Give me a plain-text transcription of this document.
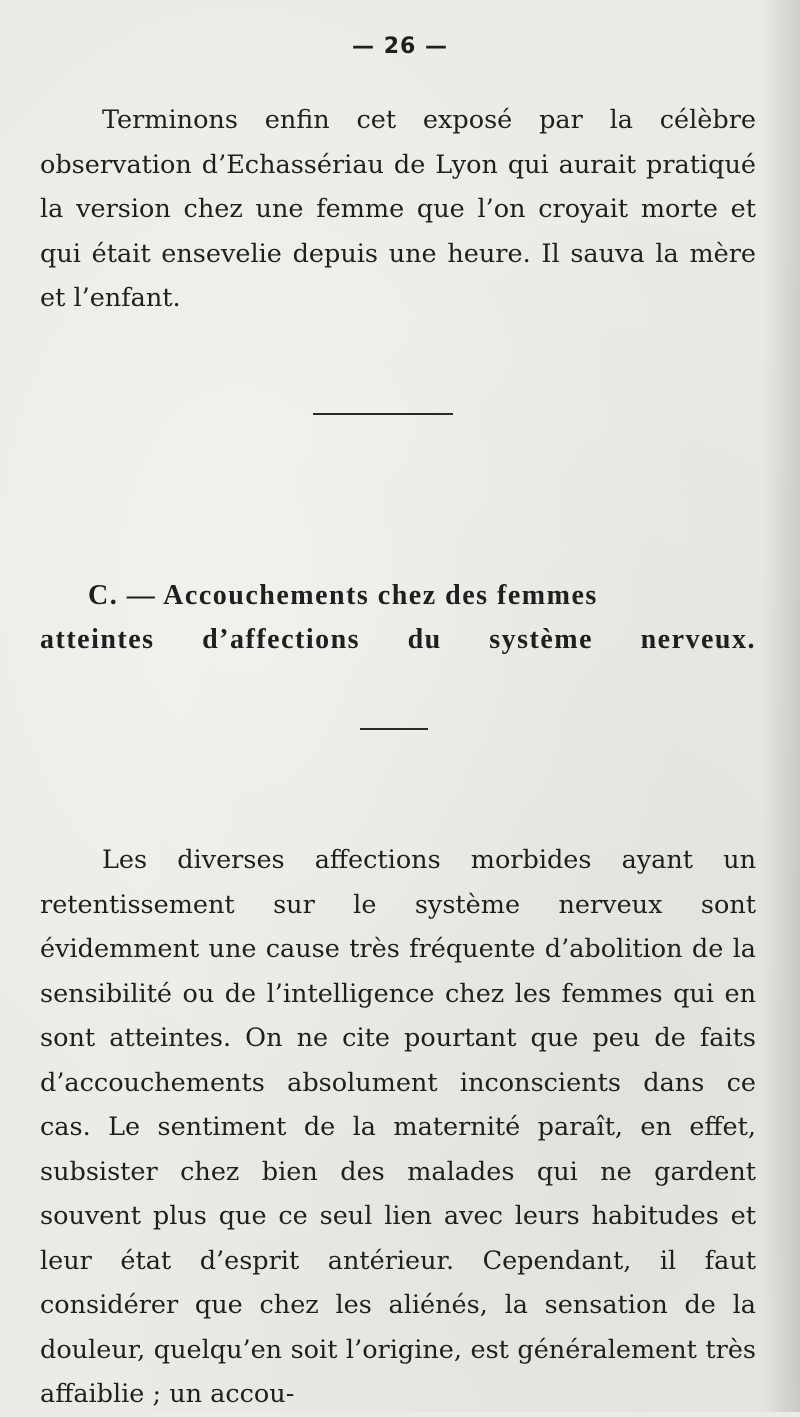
— 26 —

Terminons enfin cet exposé par la célèbre observation d’Echassériau de Lyon qui aurait pratiqué la version chez une femme que l’on croyait morte et qui était ensevelie depuis une heure. Il sauva la mère et l’enfant.

C. — Accouchements chez des femmes
atteintes d’affections du système nerveux.

Les diverses affections morbides ayant un retentissement sur le système nerveux sont évidemment une cause très fréquente d’abolition de la sensibilité ou de l’intelligence chez les femmes qui en sont atteintes. On ne cite pourtant que peu de faits d’accouchements absolument inconscients dans ce cas. Le sentiment de la maternité paraît, en effet, subsister chez bien des malades qui ne gardent souvent plus que ce seul lien avec leurs habitudes et leur état d’esprit antérieur. Cependant, il faut considérer que chez les aliénés, la sensation de la douleur, quelqu’en soit l’origine, est généralement très affaiblie ; un accou-
